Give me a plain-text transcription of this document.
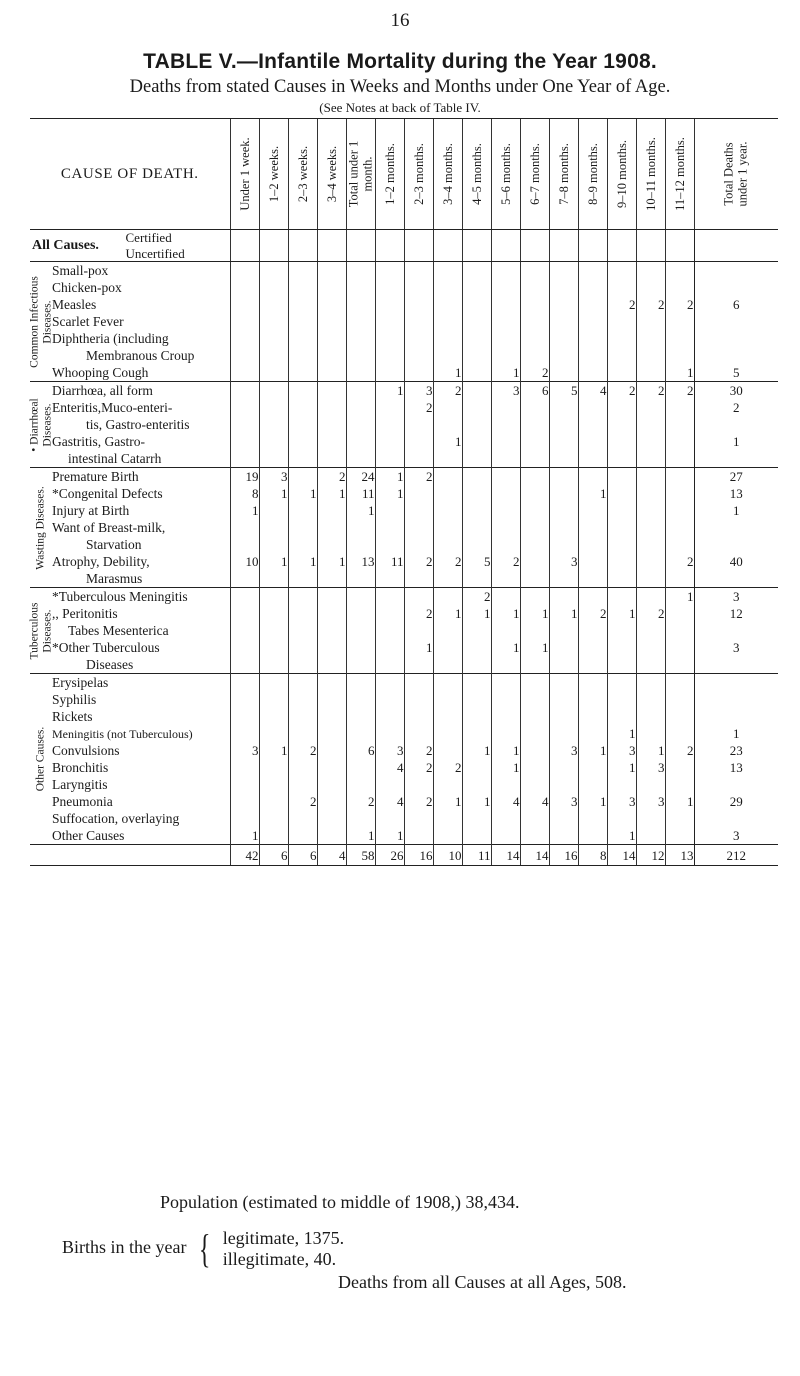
16
TABLE V.—Infantile Mortality during the Year 1908.
Deaths from stated Causes in Weeks and Months under One Year of Age.
(See Notes at back of Table IV.
CAUSE OF DEATH.		Under 1 week.	1–2 weeks.	2–3 weeks.	3–4 weeks.	Total under 1 month.	1–2 months.	2–3 months.	3–4 months.	4–5 months.	5–6 months.	6–7 months.	7–8 months.	8–9 months.	9–10 months.	10–11 months.	11–12 months.	Total Deaths under 1 year.

All Causes. Certified
Uncertified																		

Common Infectious Diseases.	Small-pox																	
	Chicken-pox																	
	Measles														2	2	2	6
	Scarlet Fever																	
	Diphtheria (including																	
	Membranous Croup																	
	Whooping Cough								1		1	2					1	5

• Diarrhœal Diseases.	Diarrhœa, all form						1	3	2		3	6	5	4	2	2	2	30
	Enteritis,Muco-enteri-							2										2
	tis, Gastro-enteritis																	
	Gastritis, Gastro-								1									1
	intestinal Catarrh																	

Wasting Diseases.	Premature Birth	19	3		2	24	1	2										27
	*Congenital Defects	8	1	1	1	11	1							1				13
	Injury at Birth	1				1												1
	Want of Breast-milk,																	
	Starvation																	
	Atrophy, Debility,	10	1	1	1	13	11	2	2	5	2		3				2	40
	Marasmus																	

Tuberculous Diseases.	*Tuberculous Meningitis									2							1	3
	,, Peritonitis							2	1	1	1	1	1	2	1	2		12
	Tabes Mesenterica																	
	*Other Tuberculous							1			1	1						3
	Diseases																	

Other Causes.	Erysipelas																	
	Syphilis																	
	Rickets																	
	Meningitis (not Tuberculous)														1			1
	Convulsions	3	1	2		6	3	2		1	1		3	1	3	1	2	23
	Bronchitis						4	2	2		1				1	3		13
	Laryngitis																	
	Pneumonia			2		2	4	2	1	1	4	4	3	1	3	3	1	29
	Suffocation, overlaying																	
	Other Causes	1				1	1								1			3
		42	6	6	4	58	26	16	10	11	14	14	16	8	14	12	13	212
Population (estimated to middle of 1908,) 38,434.
Births in the year { legitimate, 1375.
illegitimate, 40.
Deaths from all Causes at all Ages, 508.
